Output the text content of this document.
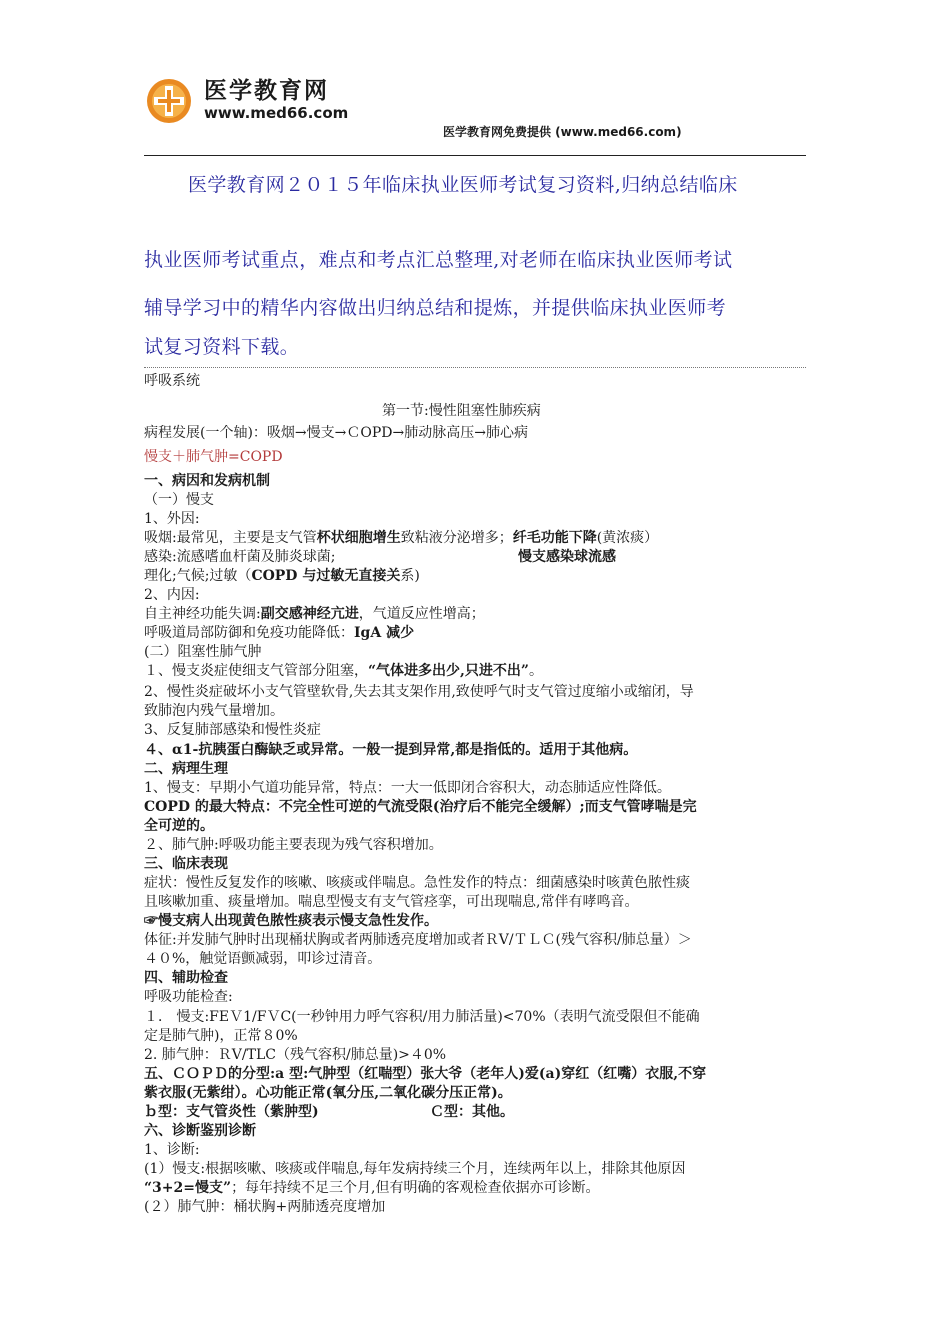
医学教育网
www.med66.com
医学教育网免费提供 (www.med66.com)
医学教育网２０１５年临床执业医师考试复习资料,归纳总结临床
执业医师考试重点，难点和考点汇总整理,对老师在临床执业医师考试
辅导学习中的精华内容做出归纳总结和提炼，并提供临床执业医师考
试复习资料下载。
呼吸系统
第一节:慢性阻塞性肺疾病
病程发展(一个轴)：吸烟→慢支→ＣOPD→肺动脉高压→肺心病
慢支＋肺气肿=COPD
一、病因和发病机制
（一）慢支
1、外因:
吸烟:最常见，主要是支气管杯状细胞增生致粘液分泌增多；纤毛功能下降(黄浓痰）
感染:流感嗜血杆菌及肺炎球菌;	慢支感染球流感
理化;气候;过敏（COPD 与过敏无直接关系)
2、内因:
自主神经功能失调:副交感神经亢进，气道反应性增高；
呼吸道局部防御和免疫功能降低：IgA 减少
(二）阻塞性肺气肿
１、慢支炎症使细支气管部分阻塞，“气体进多出少,只进不出”。
2、慢性炎症破坏小支气管壁软骨,失去其支架作用,致使呼气时支气管过度缩小或缩闭，导
致肺泡内残气量增加。
3、反复肺部感染和慢性炎症
４、α1-抗胰蛋白酶缺乏或异常。一般一提到异常,都是指低的。适用于其他病。
二、病理生理
1、慢支：早期小气道功能异常，特点：一大一低即闭合容积大，动态肺适应性降低。
COPD 的最大特点：不完全性可逆的气流受限(治疗后不能完全缓解）;而支气管哮喘是完
全可逆的。
２、肺气肿:呼吸功能主要表现为残气容积增加。
三、临床表现
症状：慢性反复发作的咳嗽、咳痰或伴喘息。急性发作的特点：细菌感染时咳黄色脓性痰
且咳嗽加重、痰量增加。喘息型慢支有支气管痉挛，可出现喘息,常伴有哮鸣音。
☞慢支病人出现黄色脓性痰表示慢支急性发作。
体征:并发肺气肿时出现桶状胸或者两肺透亮度增加或者ＲⅤ/ＴＬＣ(残气容积/肺总量）＞
４０%，触觉语颤减弱，叩诊过清音。
四、辅助检查
呼吸功能检查:
１． 慢支:FEＶ1/FＶC(一秒钟用力呼气容积/用力肺活量)<70%（表明气流受限但不能确
定是肺气肿)，正常８0%
2. 肺气肿：ＲⅤ/TLC（残气容积/肺总量)>４0%
五、ＣＯＰＤ的分型:a 型:气肿型（红喘型）张大爷（老年人)爱(a)穿红（红嘴）衣服,不穿
紫衣服(无紫绀）。心功能正常(氧分压,二氧化碳分压正常)。
ｂ型：支气管炎性（紫肿型)	Ｃ型：其他。
六、诊断鉴别诊断
1、诊断:
(1）慢支:根据咳嗽、咳痰或伴喘息,每年发病持续三个月，连续两年以上，排除其他原因
“3+2=慢支”；每年持续不足三个月,但有明确的客观检查依据亦可诊断。
(２）肺气肿：桶状胸+两肺透亮度增加
